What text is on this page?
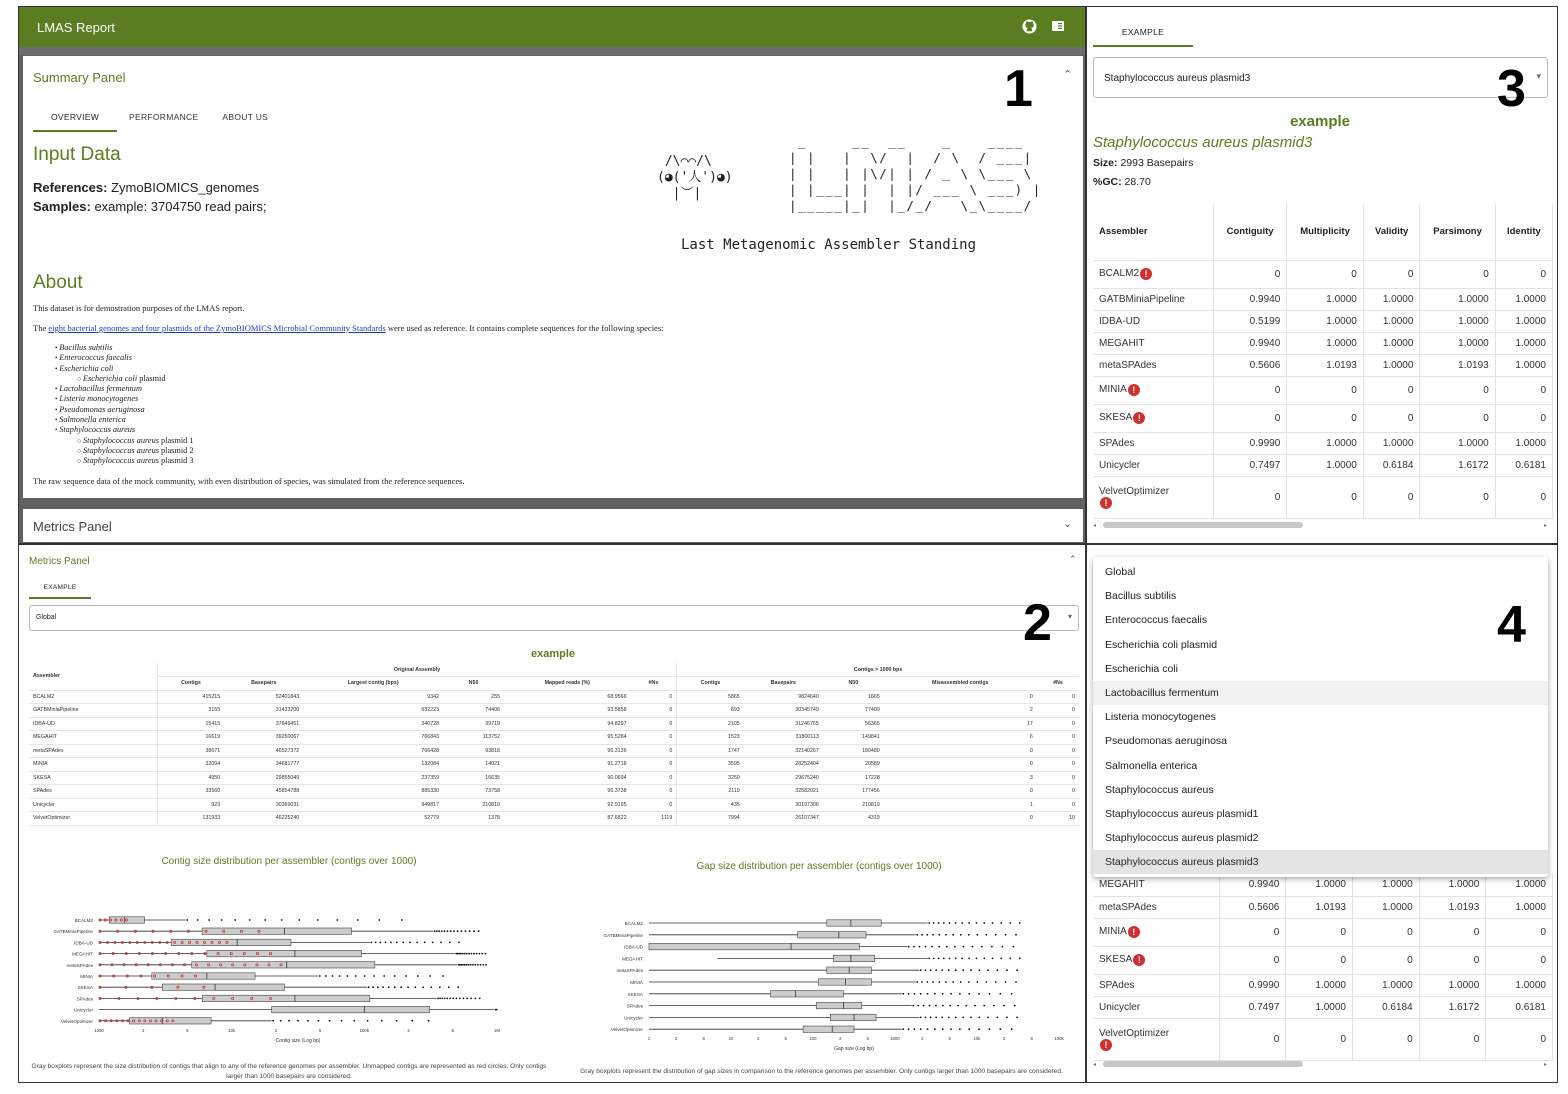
LMAS Report
Summary Panel	⌃
OVERVIEW	PERFORMANCE	ABOUT US
Input Data
References: ZymoBIOMICS_genomes
Samples: example: 3704750 read pairs;
/\⌒⌒/\
(◕('人')◕)
|︶|
_     __  __    _    ____
| |   |  \/  |  / \  / ___|
| |   | |\/| | / _ \ \___ \
| |___| |  | |/ ___ \ ___) |
|_____|_|  |_/_/   \_\____/
Last Metagenomic Assembler Standing
About
This dataset is for demostration purposes of the LMAS report.
The eight bacterial genomes and four plasmids of the ZymoBIOMICS Microbial Community Standards were used as reference. It contains complete sequences for the following species:
• Bacillus subtilis
• Enterococcus faecalis
• Escherichia coli
○ Escherichia coli plasmid
• Lactobacillus fermentum
• Listeria monocytogenes
• Pseudomonas aeruginosa
• Salmonella enterica
• Staphylococcus aureus
○ Staphylococcus aureus plasmid 1
○ Staphylococcus aureus plasmid 2
○ Staphylococcus aureus plasmid 3
The raw sequence data of the mock community, with even distribution of species, was simulated from the reference sequences.
Metrics Panel	⌄
1
Metrics Panel	⌃
EXAMPLE
Global	▾
example
Assembler	Original Assembly						Contigs > 1000 bps				
	Contigs	Basepairs	Largest contig (bps)	N50	Mapped reads (%)	#Ns	Contigs	Basepairs	N50	Misassembled contigs	#Ns
BCALM2	415215	52401843	9342	255	68.9566	0	5865	9824640	1665	0	0
GATBMiniaPipeline	3155	31433200	632223	74406	93.5858	0	893	30345749	77409	2	0
IDBA-UD	15415	37649451	340728	39719	94.8297	0	2105	31246765	56365	17	0
MEGAHIT	16619	39250067	766843	113752	95.5284	0	1523	31800113	149841	6	0
metaSPAdes	38671	46527372	766428	93818	96.3136	0	1747	32140267	180480	0	0
MINIA	32094	34681777	132084	14021	91.2718	0	3595	28252404	20589	0	0
SKESA	4950	29855049	237359	16635	90.0694	0	3250	29675240	17228	3	0
SPAdes	33560	45854788	885330	73758	96.3738	0	2119	32582021	177456	0	0
Unicycler	923	30369031	949817	210819	92.9195	0	435	30197306	210819	1	0
VelvetOptimizer	131933	46225240	52779	1378	87.6822	1119	7994	26107347	4319	0	10
Contig size distribution per assembler (contigs over 1000)	Gap size distribution per assembler (contigs over 1000)
BCALM2
GATBMiniaPipeline
IDBA-UD
MEGAHIT
metaSPAdes
MINIA
SKESA
SPAdes
Unicycler
VelvetOptimizer
1000	2	5	10k	2	5	100k	2	5	1M
Contig size (Log bp)
BCALM2
GATBMiniaPipeline
IDBA-UD
MEGAHIT
metaSPAdes
MINIA
SKESA
SPAdes
Unicycler
VelvetOptimizer
1	2	5	10	2	5	100	2	5	1000	2	5	10k	2	5	100k
Gap size (Log bp)
Gray boxplots represent the size distribution of contigs that align to any of the reference genomes per assembler. Unmapped contigs are represented as red circles. Only contigs larger than 1000 basepairs are considered.
Gray boxplots represent the distribution of gap sizes in comparison to the reference genomes per assembler. Only contigs larger than 1000 basepairs are considered.
2
EXAMPLE
Staphylococcus aureus plasmid3	▾
example
Staphylococcus aureus plasmid3
Size: 2993 Basepairs
%GC: 28.70
Assembler	Contiguity	Multiplicity	Validity	Parsimony	Identity
BCALM2 !	0	0	0	0	0
GATBMiniaPipeline	0.9940	1.0000	1.0000	1.0000	1.0000
IDBA-UD	0.5199	1.0000	1.0000	1.0000	1.0000
MEGAHIT	0.9940	1.0000	1.0000	1.0000	1.0000
metaSPAdes	0.5606	1.0193	1.0000	1.0193	1.0000
MINIA !	0	0	0	0	0
SKESA !	0	0	0	0	0
SPAdes	0.9990	1.0000	1.0000	1.0000	1.0000
Unicycler	0.7497	1.0000	0.6184	1.6172	0.6181
VelvetOptimizer
!	0	0	0	0	0
◂	▸
3
MEGAHIT	0.9940	1.0000	1.0000	1.0000	1.0000
metaSPAdes	0.5606	1.0193	1.0000	1.0193	1.0000
MINIA !	0	0	0	0	0
SKESA !	0	0	0	0	0
SPAdes	0.9990	1.0000	1.0000	1.0000	1.0000
Unicycler	0.7497	1.0000	0.6184	1.6172	0.6181
VelvetOptimizer
!	0	0	0	0	0
◂	▸
Global
Bacillus subtilis
Enterococcus faecalis
Escherichia coli plasmid
Escherichia coli
Lactobacillus fermentum
Listeria monocytogenes
Pseudomonas aeruginosa
Salmonella enterica
Staphylococcus aureus
Staphylococcus aureus plasmid1
Staphylococcus aureus plasmid2
Staphylococcus aureus plasmid3
4
